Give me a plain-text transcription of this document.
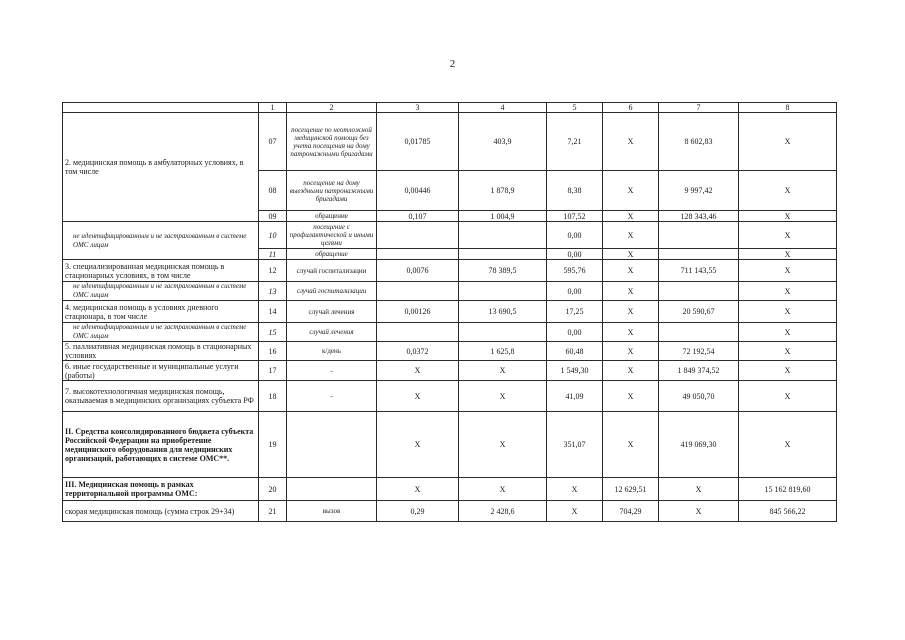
2
	1	2	3	4	5	6	7	8	
2. медицинская помощь в амбулаторных условиях, в том числе	07	посещение по неотложной медицинской помощи без учета посещения на дому патронажными бригадами	0,01785	403,9	7,21	X	8 602,83	X	
	08	посещение на дому выездными патронажными бригадами	0,00446	1 878,9	8,38	X	9 997,42	X	
	09	обращение	0,107	1 004,9	107,52	X	128 343,46	X	
не идентифицированным и не застрахованным в системе ОМС лицам	10	посещение с профилактической и иными целями			0,00	X		X	
	11	обращение			0,00	X		X	
3. специализированная медицинская помощь в стационарных условиях, в том числе	12	случай госпитализации	0,0076	78 389,5	595,76	X	711 143,55	X	
не идентифицированным и не застрахованным в системе ОМС лицам	13	случай госпитализации			0,00	X		X	
4. медицинская помощь в условиях дневного стационара, в том числе	14	случай лечения	0,00126	13 690,5	17,25	X	20 590,67	X	
не идентифицированным и не застрахованным в системе ОМС лицам	15	случай лечения			0,00	X		X	
5. паллиативная медицинская помощь в стационарных условиях	16	к/день	0,0372	1 625,8	60,48	X	72 192,54	X	
6. иные государственные и муниципальные услуги (работы)	17	-	X	X	1 549,30	X	1 849 374,52	X	
7. высокотехнологичная медицинская помощь, оказываемая в медицинских организациях субъекта РФ	18	-	X	X	41,09	X	49 050,70	X	
II. Средства консолидированного бюджета субъекта Российской Федерации на приобретение медицинского оборудования для медицинских организаций, работающих в системе ОМС**.	19		X	X	351,07	X	419 069,30	X	
III. Медицинская помощь в рамках территориальной программы ОМС:	20		X	X	X	12 629,51	X	15 162 819,60	
скорая медицинская помощь (сумма строк 29+34)	21	вызов	0,29	2 428,6	X	704,29	X	845 566,22	
